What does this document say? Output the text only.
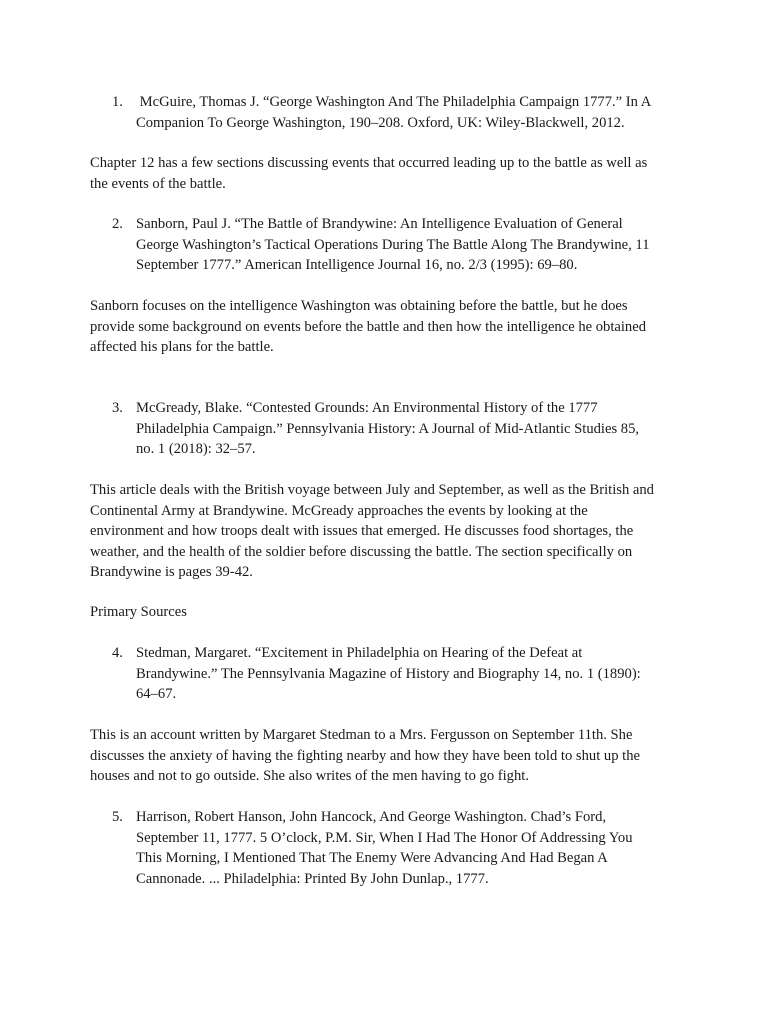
1. McGuire, Thomas J. “George Washington And The Philadelphia Campaign 1777.” In A
Companion To George Washington, 190–208. Oxford, UK: Wiley-Blackwell, 2012.
Chapter 12 has a few sections discussing events that occurred leading up to the battle as well as
the events of the battle.
2. Sanborn, Paul J. “The Battle of Brandywine: An Intelligence Evaluation of General
George Washington’s Tactical Operations During The Battle Along The Brandywine, 11
September 1777.” American Intelligence Journal 16, no. 2/3 (1995): 69–80.
Sanborn focuses on the intelligence Washington was obtaining before the battle, but he does
provide some background on events before the battle and then how the intelligence he obtained
affected his plans for the battle.
3. McGready, Blake. “Contested Grounds: An Environmental History of the 1777
Philadelphia Campaign.” Pennsylvania History: A Journal of Mid-Atlantic Studies 85,
no. 1 (2018): 32–57.
This article deals with the British voyage between July and September, as well as the British and
Continental Army at Brandywine. McGready approaches the events by looking at the
environment and how troops dealt with issues that emerged. He discusses food shortages, the
weather, and the health of the soldier before discussing the battle. The section specifically on
Brandywine is pages 39-42.
Primary Sources
4. Stedman, Margaret. “Excitement in Philadelphia on Hearing of the Defeat at
Brandywine.” The Pennsylvania Magazine of History and Biography 14, no. 1 (1890):
64–67.
This is an account written by Margaret Stedman to a Mrs. Fergusson on September 11th. She
discusses the anxiety of having the fighting nearby and how they have been told to shut up the
houses and not to go outside. She also writes of the men having to go fight.
5. Harrison, Robert Hanson, John Hancock, And George Washington. Chad’s Ford,
September 11, 1777. 5 O’clock, P.M. Sir, When I Had The Honor Of Addressing You
This Morning, I Mentioned That The Enemy Were Advancing And Had Began A
Cannonade. ... Philadelphia: Printed By John Dunlap., 1777.
